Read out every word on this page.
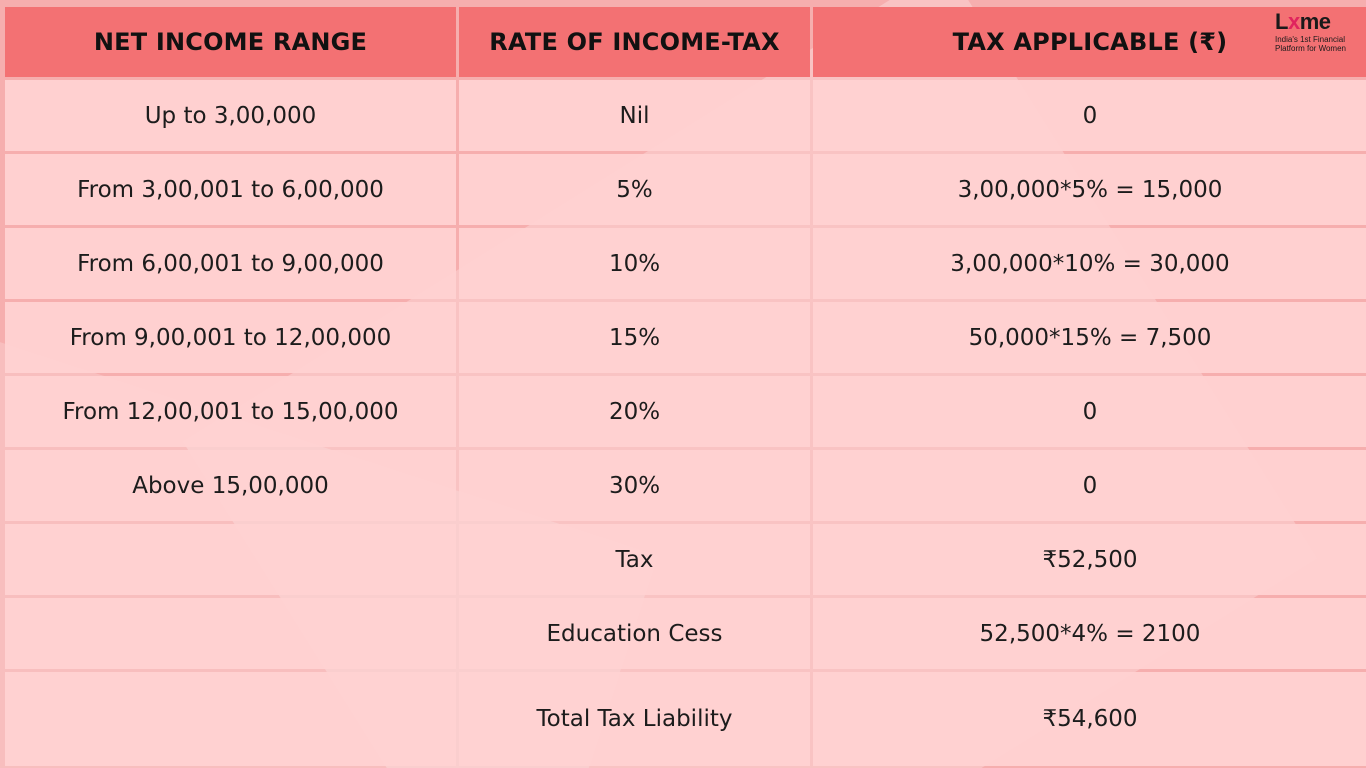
NET INCOME RANGE	RATE OF INCOME-TAX	TAX APPLICABLE (₹)
Lxme
India's 1st Financial
Platform for Women

Up to 3,00,000	Nil	0
From 3,00,001 to 6,00,000	5%	3,00,000*5% = 15,000
From 6,00,001 to 9,00,000	10%	3,00,000*10% = 30,000
From 9,00,001 to 12,00,000	15%	50,000*15% = 7,500
From 12,00,001 to 15,00,000	20%	0
Above 15,00,000	30%	0
	Tax	₹52,500
	Education Cess	52,500*4% = 2100
	Total Tax Liability	₹54,600
